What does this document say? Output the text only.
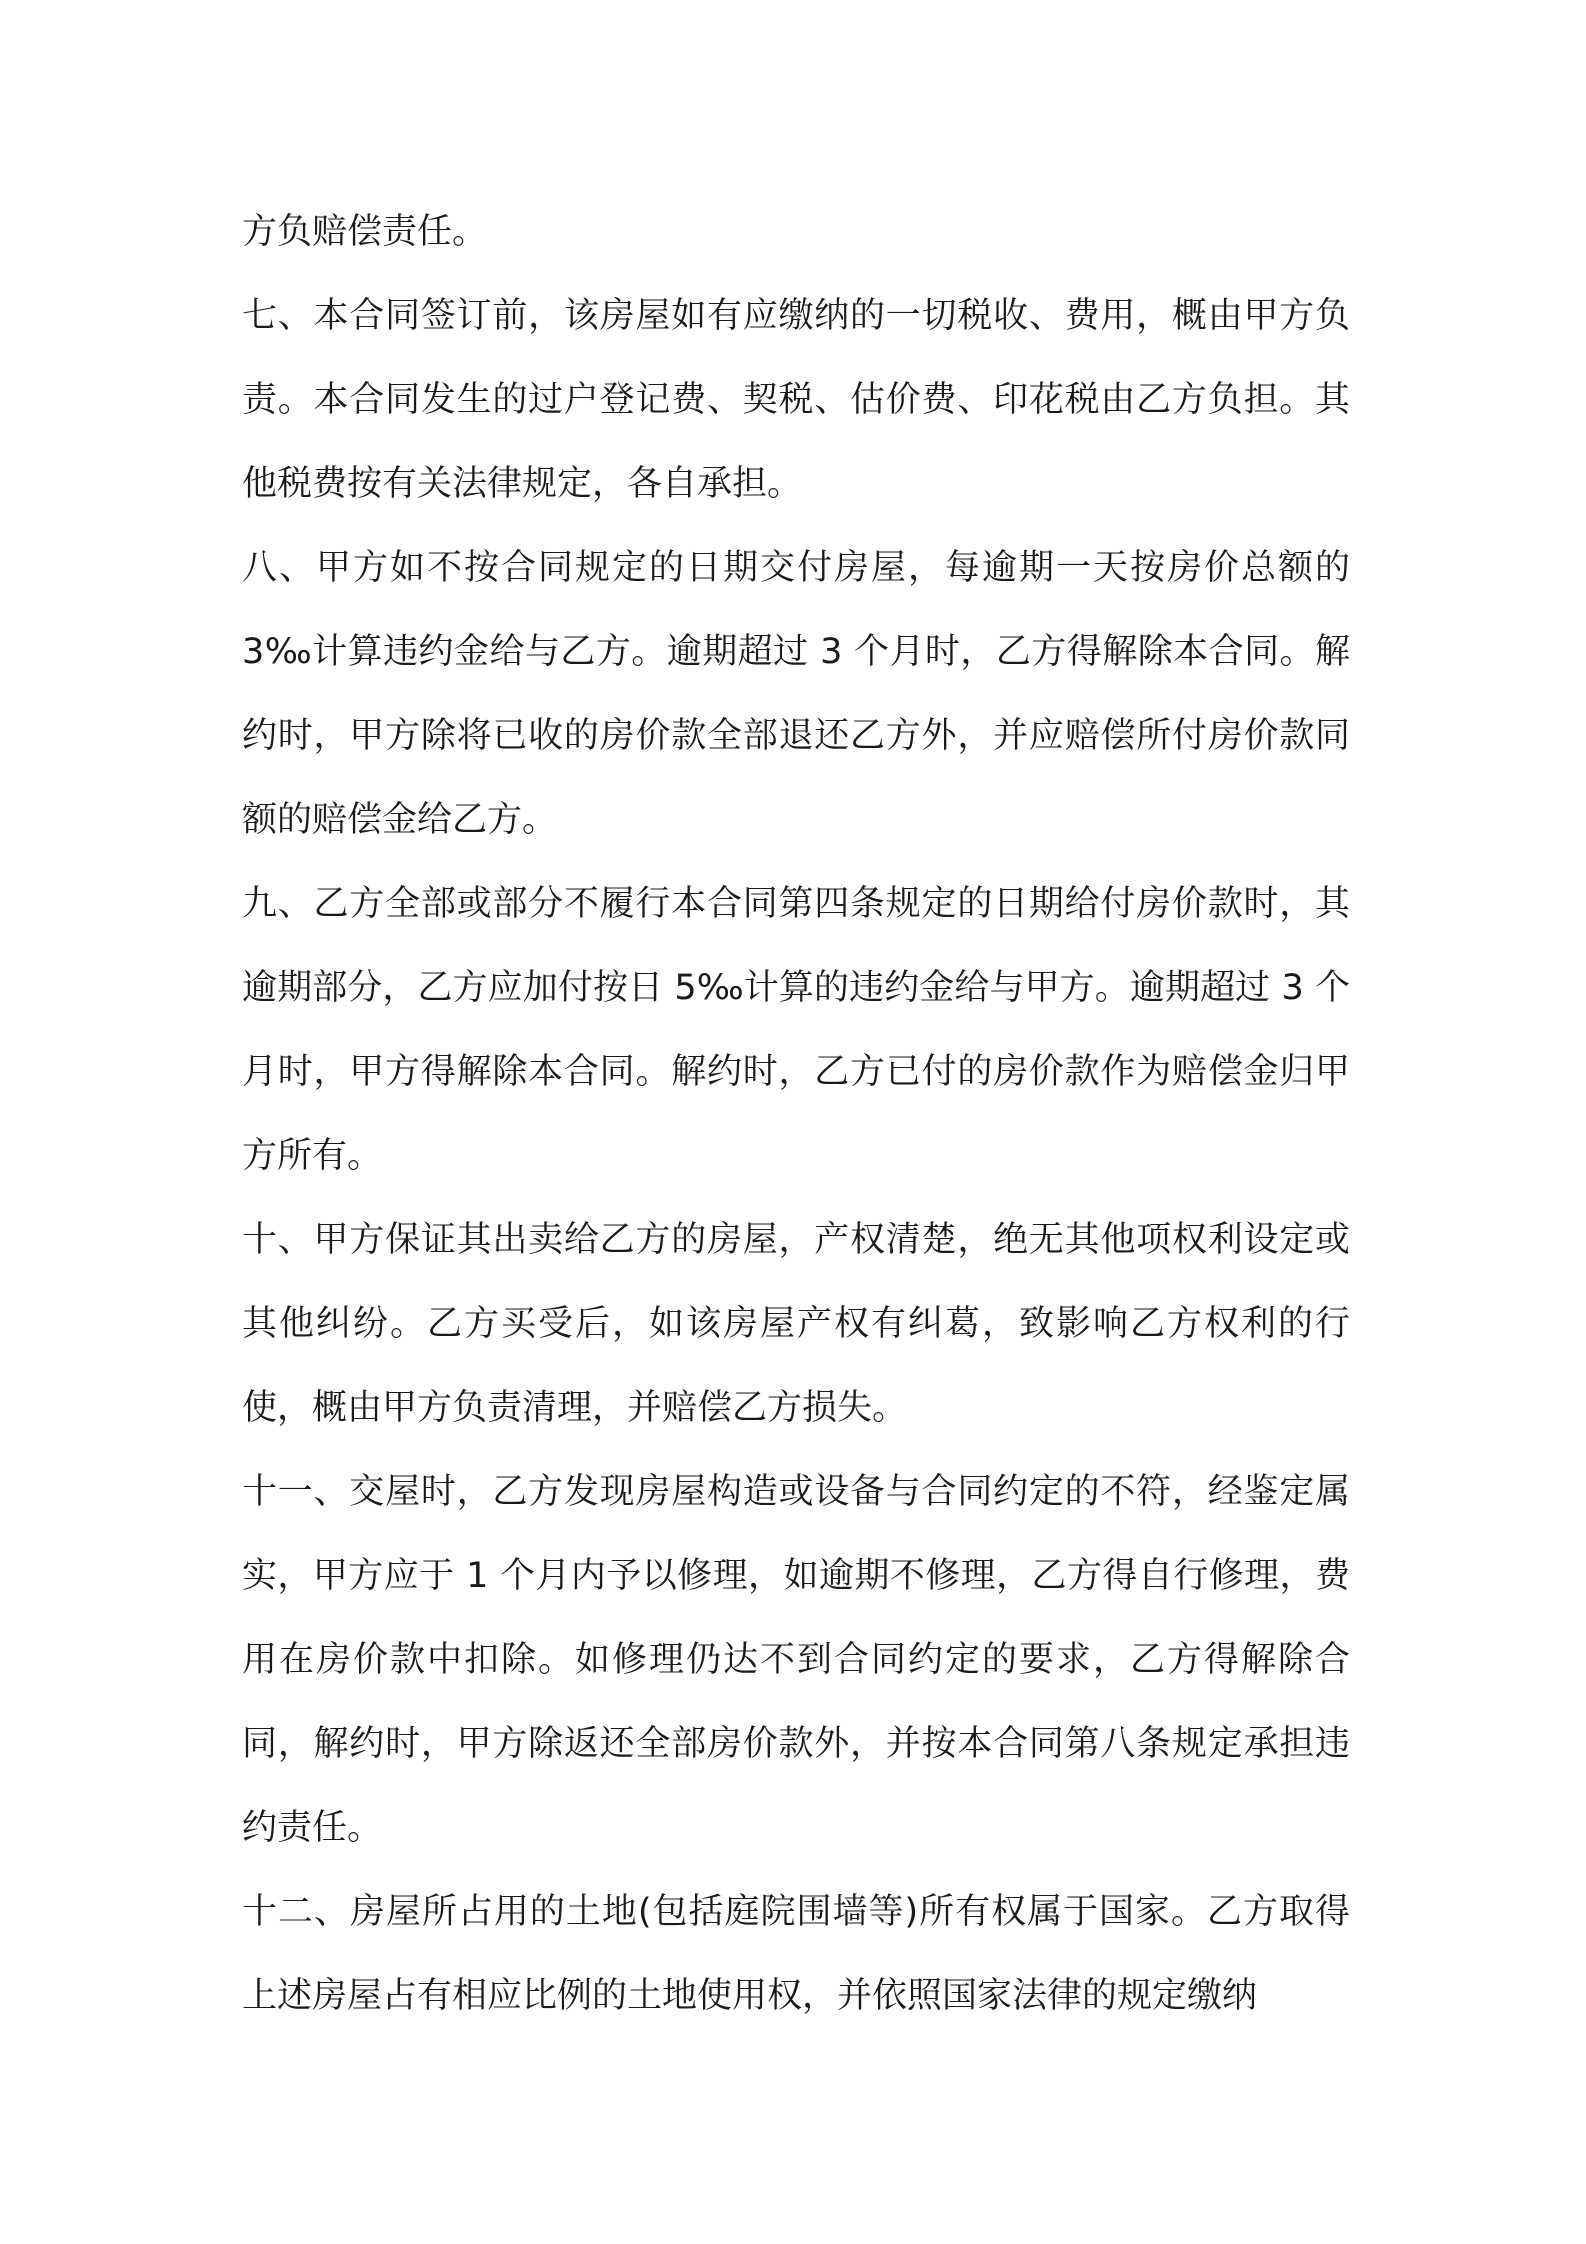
方负赔偿责任。

七、本合同签订前，该房屋如有应缴纳的一切税收、费用，概由甲方负责。本合同发生的过户登记费、契税、估价费、印花税由乙方负担。其他税费按有关法律规定，各自承担。

八、甲方如不按合同规定的日期交付房屋，每逾期一天按房价总额的3‰计算违约金给与乙方。逾期超过 3 个月时，乙方得解除本合同。解约时，甲方除将已收的房价款全部退还乙方外，并应赔偿所付房价款同额的赔偿金给乙方。

九、乙方全部或部分不履行本合同第四条规定的日期给付房价款时，其逾期部分，乙方应加付按日 5‰计算的违约金给与甲方。逾期超过 3 个月时，甲方得解除本合同。解约时，乙方已付的房价款作为赔偿金归甲方所有。

十、甲方保证其出卖给乙方的房屋，产权清楚，绝无其他项权利设定或其他纠纷。乙方买受后，如该房屋产权有纠葛，致影响乙方权利的行使，概由甲方负责清理，并赔偿乙方损失。

十一、交屋时，乙方发现房屋构造或设备与合同约定的不符，经鉴定属实，甲方应于 1 个月内予以修理，如逾期不修理，乙方得自行修理，费用在房价款中扣除。如修理仍达不到合同约定的要求，乙方得解除合同，解约时，甲方除返还全部房价款外，并按本合同第八条规定承担违约责任。

十二、房屋所占用的土地(包括庭院围墙等)所有权属于国家。乙方取得上述房屋占有相应比例的土地使用权，并依照国家法律的规定缴纳
